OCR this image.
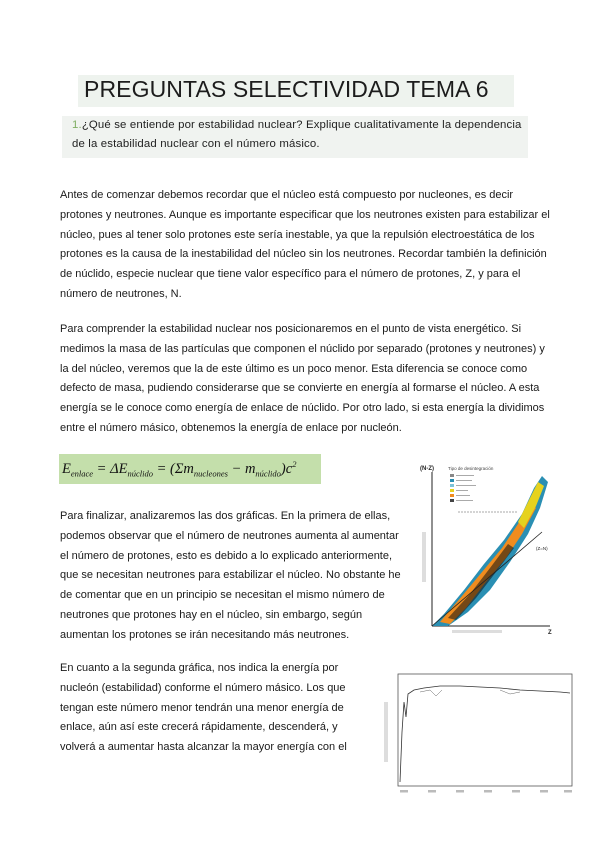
PREGUNTAS SELECTIVIDAD TEMA 6
1.¿Qué se entiende por estabilidad nuclear? Explique cualitativamente la dependencia de la estabilidad nuclear con el número másico.
Antes de comenzar debemos recordar que el núcleo está compuesto por nucleones, es decir protones y neutrones. Aunque es importante especificar que los neutrones existen para estabilizar el núcleo, pues al tener solo protones este sería inestable, ya que la repulsión electroestática de los protones es la causa de la inestabilidad del núcleo sin los neutrones. Recordar también la definición de núclido, especie nuclear que tiene valor específico para el número de protones, Z, y para el número de neutrones, N.
Para comprender la estabilidad nuclear nos posicionaremos en el punto de vista energético. Si medimos la masa de las partículas que componen el núclido por separado (protones y neutrones) y la del núcleo, veremos que la de este último es un poco menor. Esta diferencia se conoce como defecto de masa, pudiendo considerarse que se convierte en energía al formarse el núcleo. A esta energía se le conoce como energía de enlace de núclido. Por otro lado, si esta energía la dividimos entre el número másico, obtenemos la energía de enlace por nucleón.
$E_{enlace} = \Delta E_{núclido} = (\Sigma m_{nucleones} - m_{núclido})c^2$
Para finalizar, analizaremos las dos gráficas. En la primera de ellas, podemos observar que el número de neutrones aumenta al aumentar el número de protones, esto es debido a lo explicado anteriormente, que se necesitan neutrones para estabilizar el núcleo. No obstante he de comentar que en un principio se necesitan el mismo número de neutrones que protones hay en el núcleo, sin embargo, según aumentan los protones se irán necesitando más neutrones.
En cuanto a la segunda gráfica, nos indica la energía por nucleón (estabilidad) conforme el número másico. Los que tengan este número menor tendrán una menor energía de enlace, aún así este crecerá rápidamente, descenderá, y volverá a aumentar hasta alcanzar la mayor energía con el
(N-Z)	Tipo de desintegración
(Z=N)
Z
